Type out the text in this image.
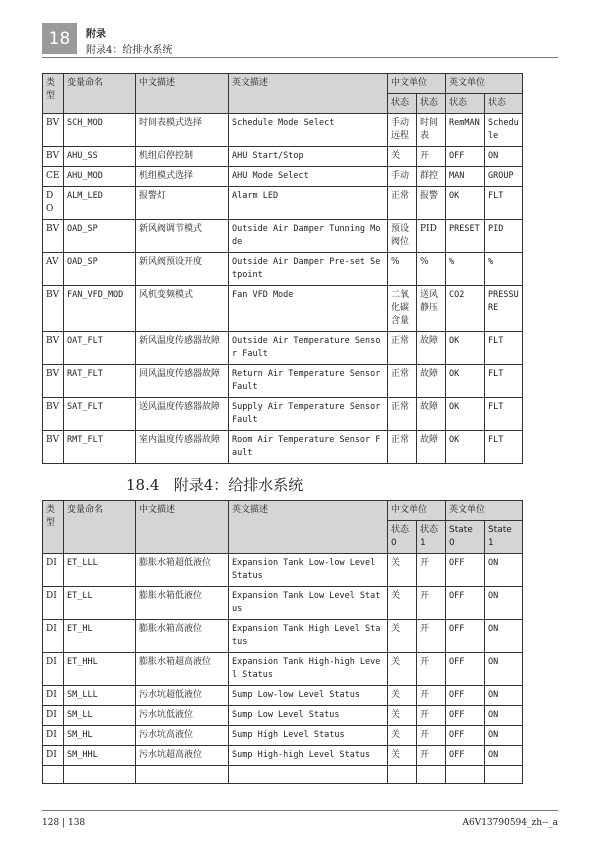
18	附录
附录4：给排水系统
类型	变量命名	中文描述	英文描述	中文单位		英文单位	
				状态	状态	状态	状态
BV	SCH_MOD	时间表模式选择	Schedule Mode Select	手动远程	时间表	RemMAN	Schedule
BV	AHU_SS	机组启停控制	AHU Start/Stop	关	开	OFF	ON
CE	AHU_MOD	机组模式选择	AHU Mode Select	手动	群控	MAN	GROUP
DO	ALM_LED	报警灯	Alarm LED	正常	报警	OK	FLT
BV	OAD_SP	新风阀调节模式	Outside Air Damper Tunning Mode	预设阀位	PID	PRESET	PID
AV	OAD_SP	新风阀预设开度	Outside Air Damper Pre-set Setpoint	%	%	%	%
BV	FAN_VFD_MOD	风机变频模式	Fan VFD Mode	二氧化碳含量	送风静压	CO2	PRESSURE
BV	OAT_FLT	新风温度传感器故障	Outside Air Temperature Sensor Fault	正常	故障	OK	FLT
BV	RAT_FLT	回风温度传感器故障	Return Air Temperature Sensor Fault	正常	故障	OK	FLT
BV	SAT_FLT	送风温度传感器故障	Supply Air Temperature Sensor Fault	正常	故障	OK	FLT
BV	RMT_FLT	室内温度传感器故障	Room Air Temperature Sensor Fault	正常	故障	OK	FLT
18.4 附录4：给排水系统
类型	变量命名	中文描述	英文描述	中文单位		英文单位	
				状态0	状态1	State 0	State 1
DI	ET_LLL	膨胀水箱超低液位	Expansion Tank Low-low Level Status	关	开	OFF	ON
DI	ET_LL	膨胀水箱低液位	Expansion Tank Low Level Status	关	开	OFF	ON
DI	ET_HL	膨胀水箱高液位	Expansion Tank High Level Status	关	开	OFF	ON
DI	ET_HHL	膨胀水箱超高液位	Expansion Tank High-high Level Status	关	开	OFF	ON
DI	SM_LLL	污水坑超低液位	Sump Low-low Level Status	关	开	OFF	ON
DI	SM_LL	污水坑低液位	Sump Low Level Status	关	开	OFF	ON
DI	SM_HL	污水坑高液位	Sump High Level Status	关	开	OFF	ON
DI	SM_HHL	污水坑超高液位	Sump High-high Level Status	关	开	OFF	ON

128 | 138	A6V13790594_zh--_a
